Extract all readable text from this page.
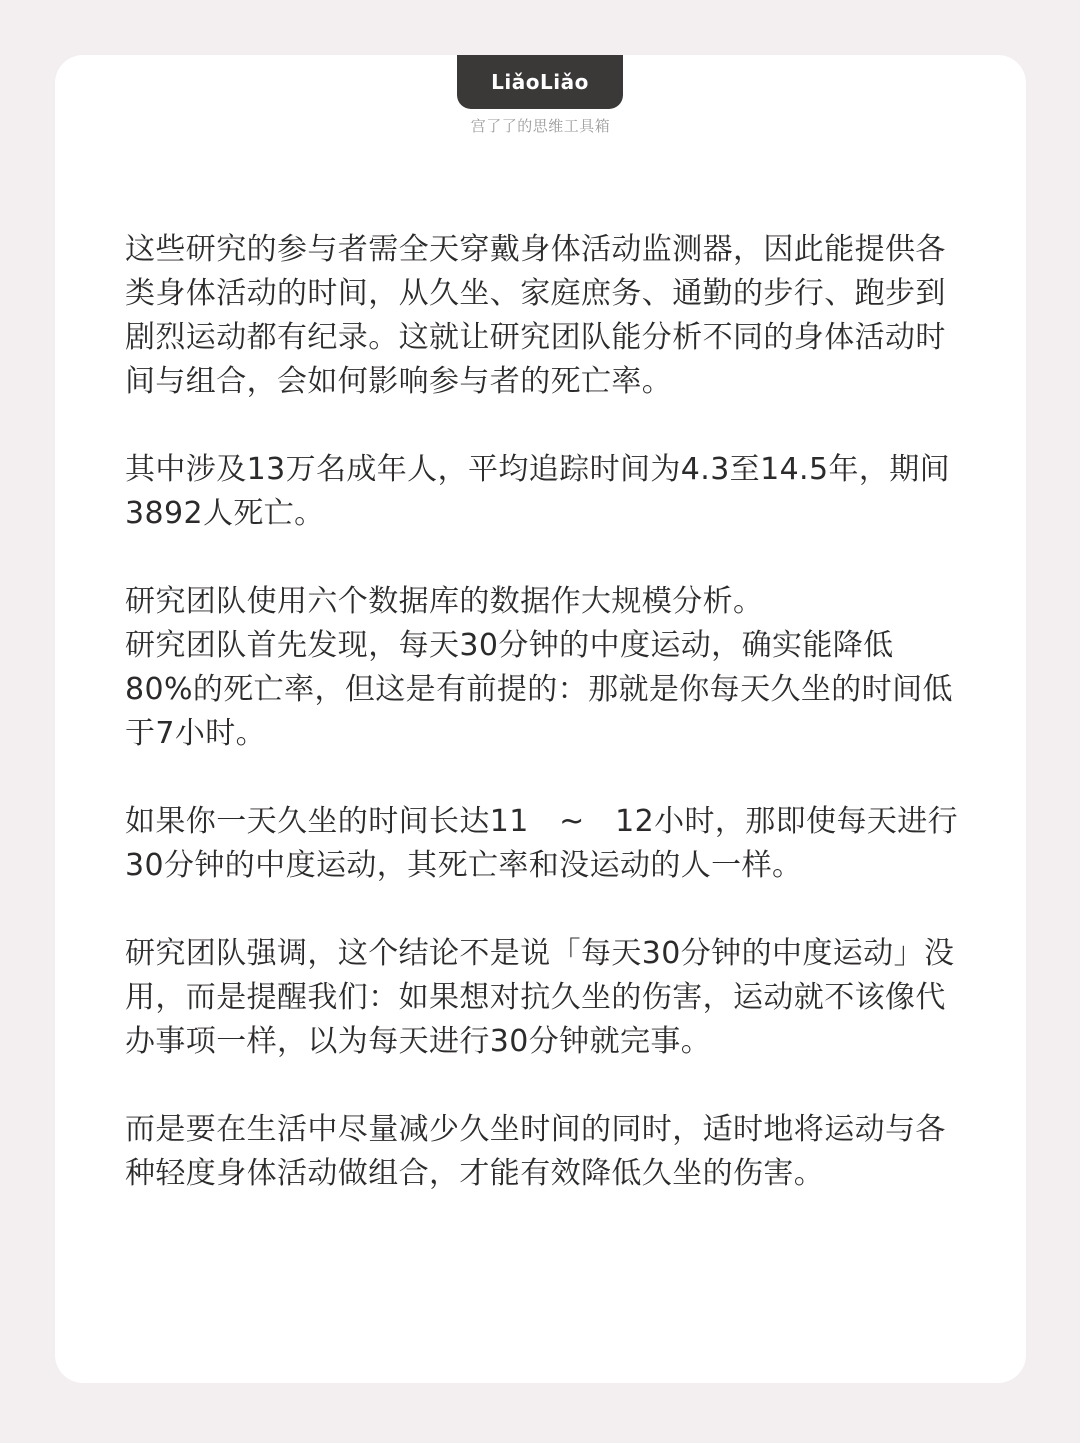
LiǎoLiǎo
宫了了的思维工具箱

这些研究的参与者需全天穿戴身体活动监测器，因此能提供各类身体活动的时间，从久坐、家庭庶务、通勤的步行、跑步到剧烈运动都有纪录。这就让研究团队能分析不同的身体活动时间与组合，会如何影响参与者的死亡率。

其中涉及13万名成年人，平均追踪时间为4.3至14.5年，期间3892人死亡。

研究团队使用六个数据库的数据作大规模分析。

研究团队首先发现，每天30分钟的中度运动，确实能降低80%的死亡率，但这是有前提的：那就是你每天久坐的时间低于7小时。

如果你一天久坐的时间长达11　~　12小时，那即使每天进行30分钟的中度运动，其死亡率和没运动的人一样。

研究团队强调，这个结论不是说「每天30分钟的中度运动」没用，而是提醒我们：如果想对抗久坐的伤害，运动就不该像代办事项一样，以为每天进行30分钟就完事。

而是要在生活中尽量减少久坐时间的同时，适时地将运动与各种轻度身体活动做组合，才能有效降低久坐的伤害。
